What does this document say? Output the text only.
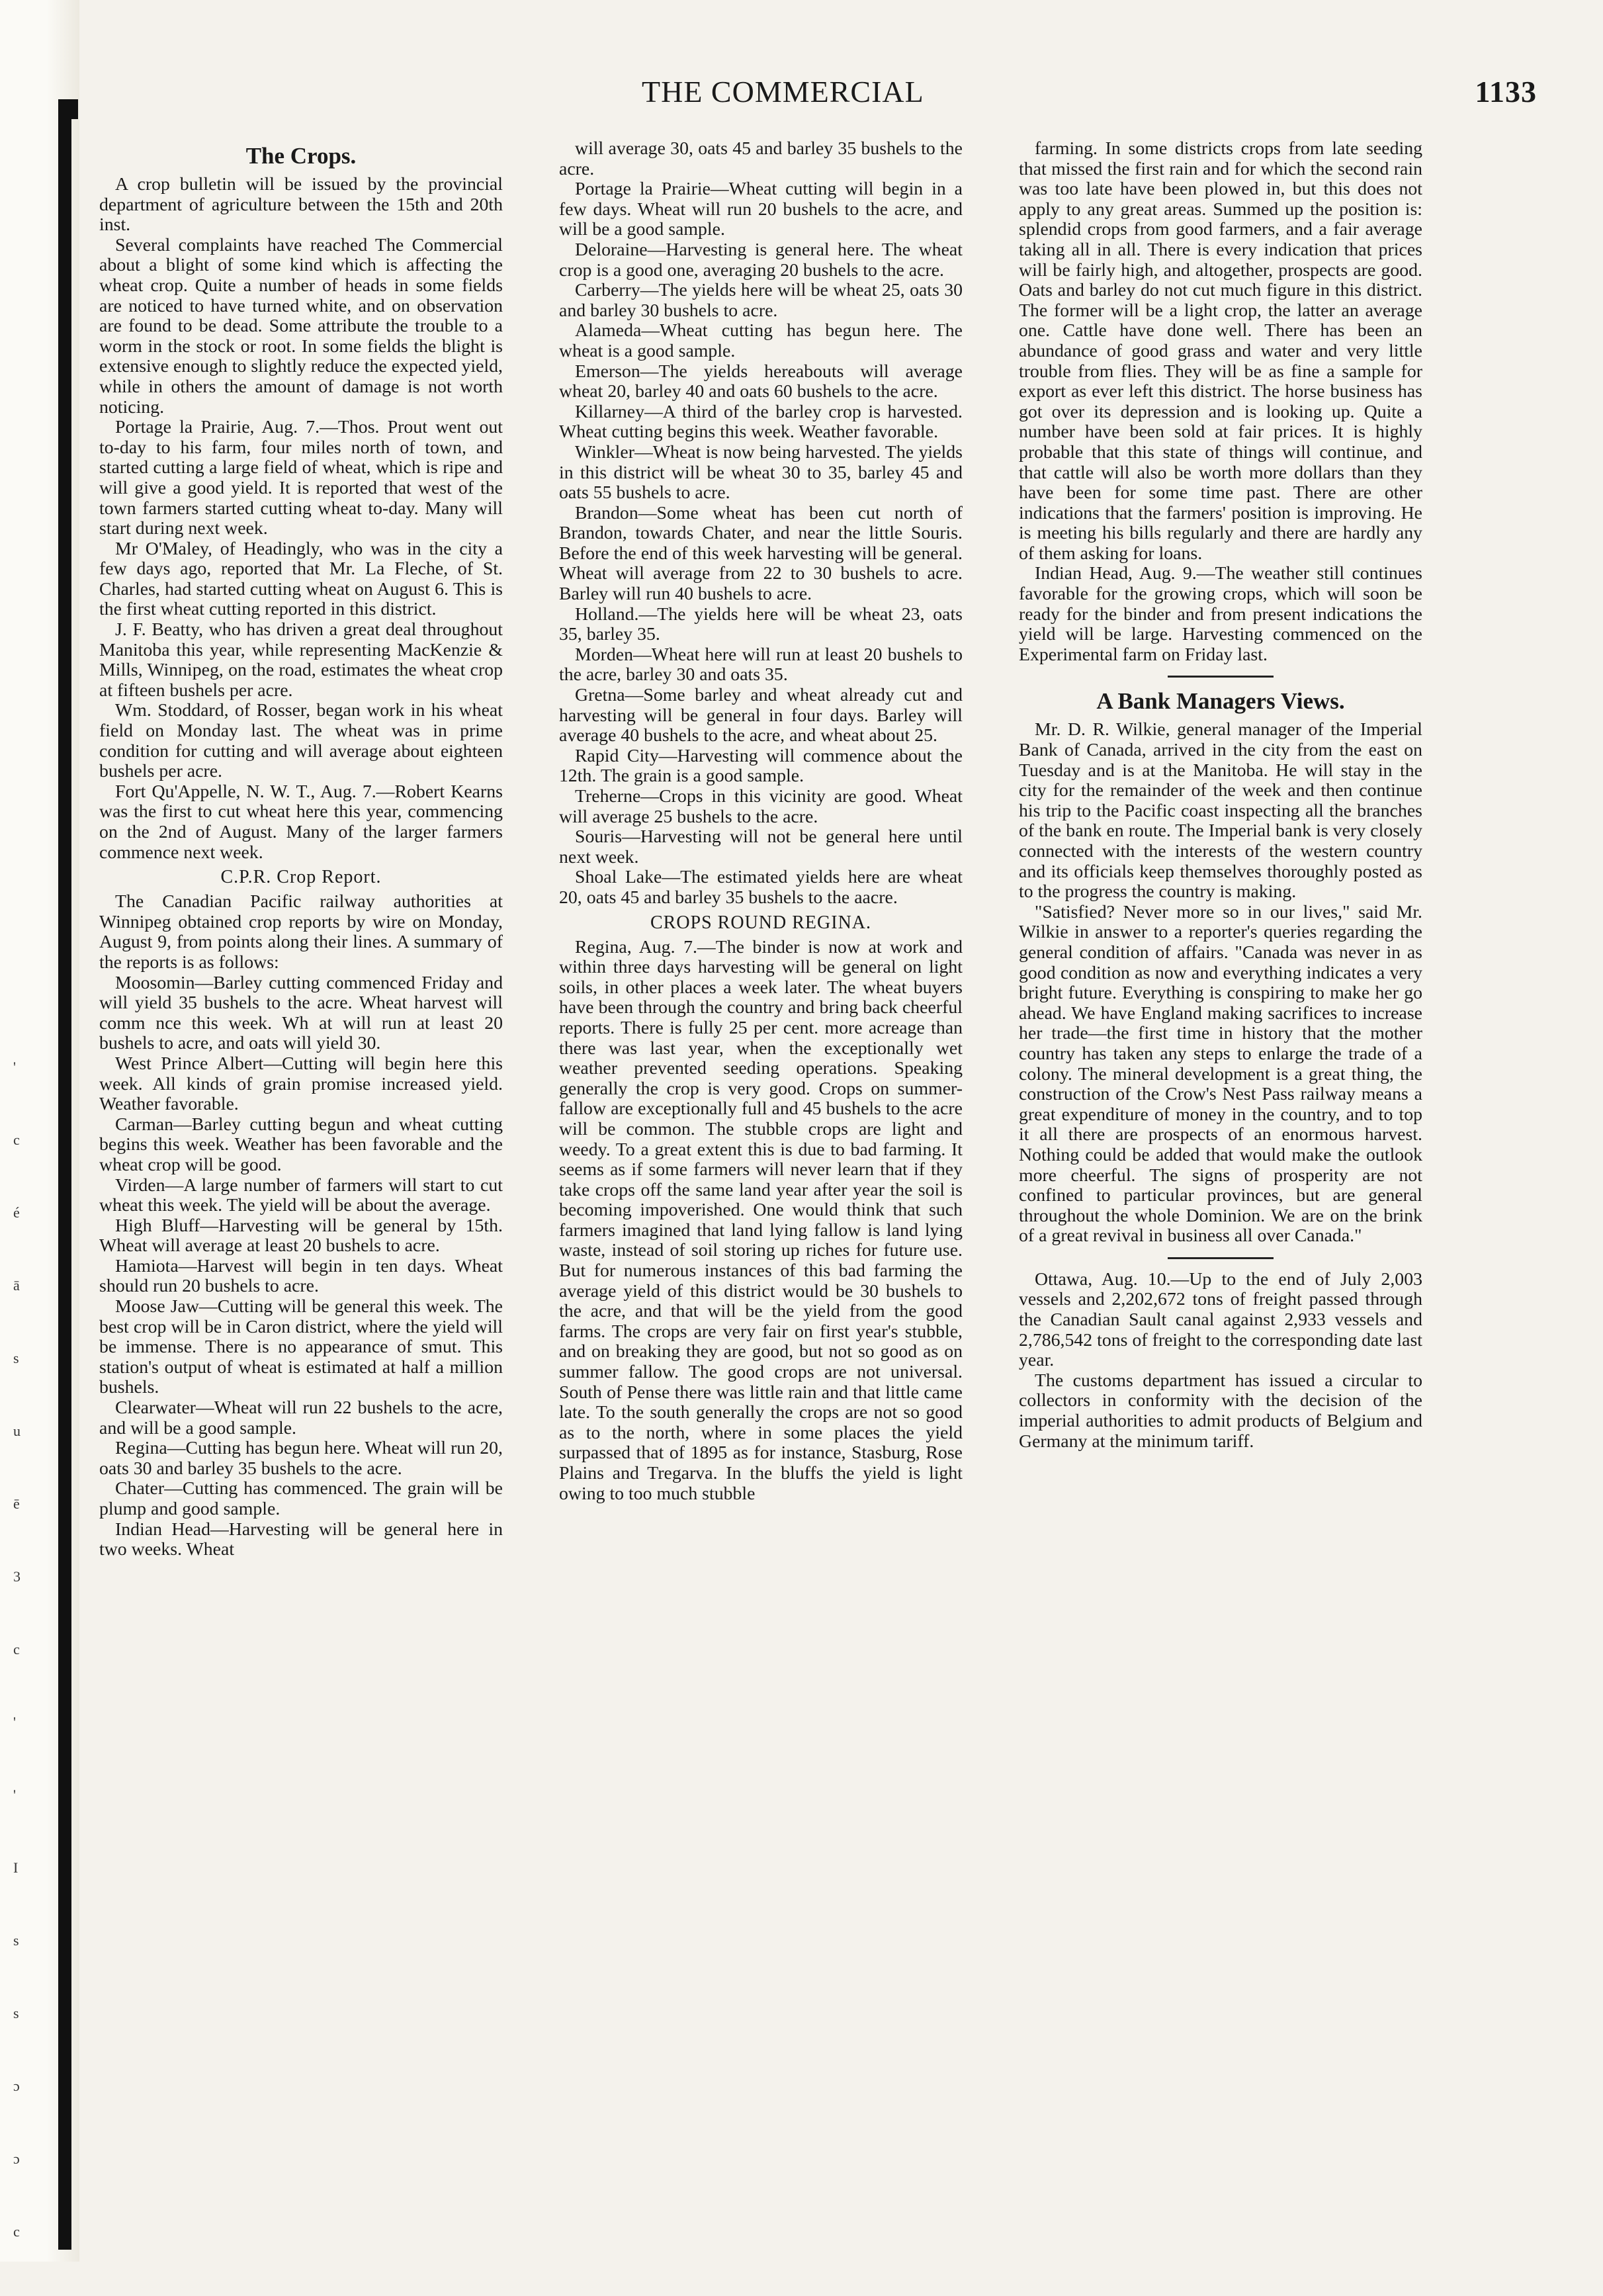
'
c
é
ā
s
u
ē
3
c
'
'
I
s
s
ɔ
ɔ
c
THE COMMERCIAL	1133
The Crops.

A crop bulletin will be issued by the provincial department of agriculture between the 15th and 20th inst.

Several complaints have reached The Commercial about a blight of some kind which is affecting the wheat crop. Quite a number of heads in some fields are noticed to have turned white, and on observation are found to be dead. Some attribute the trouble to a worm in the stock or root. In some fields the blight is extensive enough to slightly reduce the expected yield, while in others the amount of damage is not worth noticing.

Portage la Prairie, Aug. 7.—Thos. Prout went out to-day to his farm, four miles north of town, and started cutting a large field of wheat, which is ripe and will give a good yield. It is reported that west of the town farmers started cutting wheat to-day. Many will start during next week.

Mr O'Maley, of Headingly, who was in the city a few days ago, reported that Mr. La Fleche, of St. Charles, had started cutting wheat on August 6. This is the first wheat cutting reported in this district.

J. F. Beatty, who has driven a great deal throughout Manitoba this year, while representing MacKenzie & Mills, Winnipeg, on the road, estimates the wheat crop at fifteen bushels per acre.

Wm. Stoddard, of Rosser, began work in his wheat field on Monday last. The wheat was in prime condition for cutting and will average about eighteen bushels per acre.

Fort Qu'Appelle, N. W. T., Aug. 7.—Robert Kearns was the first to cut wheat here this year, commencing on the 2nd of August. Many of the larger farmers commence next week.

C.P.R. Crop Report.

The Canadian Pacific railway authorities at Winnipeg obtained crop reports by wire on Monday, August 9, from points along their lines. A summary of the reports is as follows:

Moosomin—Barley cutting commenced Friday and will yield 35 bushels to the acre. Wheat harvest will comm nce this week. Wh at will run at least 20 bushels to acre, and oats will yield 30.

West Prince Albert—Cutting will begin here this week. All kinds of grain promise increased yield. Weather favorable.

Carman—Barley cutting begun and wheat cutting begins this week. Weather has been favorable and the wheat crop will be good.

Virden—A large number of farmers will start to cut wheat this week. The yield will be about the average.

High Bluff—Harvesting will be general by 15th. Wheat will average at least 20 bushels to acre.

Hamiota—Harvest will begin in ten days. Wheat should run 20 bushels to acre.

Moose Jaw—Cutting will be general this week. The best crop will be in Caron district, where the yield will be immense. There is no appearance of smut. This station's output of wheat is estimated at half a million bushels.

Clearwater—Wheat will run 22 bushels to the acre, and will be a good sample.

Regina—Cutting has begun here. Wheat will run 20, oats 30 and barley 35 bushels to the acre.

Chater—Cutting has commenced. The grain will be plump and good sample.

Indian Head—Harvesting will be general here in two weeks. Wheat

will average 30, oats 45 and barley 35 bushels to the acre.

Portage la Prairie—Wheat cutting will begin in a few days. Wheat will run 20 bushels to the acre, and will be a good sample.

Deloraine—Harvesting is general here. The wheat crop is a good one, averaging 20 bushels to the acre.

Carberry—The yields here will be wheat 25, oats 30 and barley 30 bushels to acre.

Alameda—Wheat cutting has begun here. The wheat is a good sample.

Emerson—The yields hereabouts will average wheat 20, barley 40 and oats 60 bushels to the acre.

Killarney—A third of the barley crop is harvested. Wheat cutting begins this week. Weather favorable.

Winkler—Wheat is now being harvested. The yields in this district will be wheat 30 to 35, barley 45 and oats 55 bushels to acre.

Brandon—Some wheat has been cut north of Brandon, towards Chater, and near the little Souris. Before the end of this week harvesting will be general. Wheat will average from 22 to 30 bushels to acre. Barley will run 40 bushels to acre.

Holland.—The yields here will be wheat 23, oats 35, barley 35.

Morden—Wheat here will run at least 20 bushels to the acre, barley 30 and oats 35.

Gretna—Some barley and wheat already cut and harvesting will be general in four days. Barley will average 40 bushels to the acre, and wheat about 25.

Rapid City—Harvesting will commence about the 12th. The grain is a good sample.

Treherne—Crops in this vicinity are good. Wheat will average 25 bushels to the acre.

Souris—Harvesting will not be general here until next week.

Shoal Lake—The estimated yields here are wheat 20, oats 45 and barley 35 bushels to the aacre.

CROPS ROUND REGINA.

Regina, Aug. 7.—The binder is now at work and within three days harvesting will be general on light soils, in other places a week later. The wheat buyers have been through the country and bring back cheerful reports. There is fully 25 per cent. more acreage than there was last year, when the exceptionally wet weather prevented seeding operations. Speaking generally the crop is very good. Crops on summer-fallow are exceptionally full and 45 bushels to the acre will be common. The stubble crops are light and weedy. To a great extent this is due to bad farming. It seems as if some farmers will never learn that if they take crops off the same land year after year the soil is becoming impoverished. One would think that such farmers imagined that land lying fallow is land lying waste, instead of soil storing up riches for future use. But for numerous instances of this bad farming the average yield of this district would be 30 bushels to the acre, and that will be the yield from the good farms. The crops are very fair on first year's stubble, and on breaking they are good, but not so good as on summer fallow. The good crops are not universal. South of Pense there was little rain and that little came late. To the south generally the crops are not so good as to the north, where in some places the yield surpassed that of 1895 as for instance, Stasburg, Rose Plains and Tregarva. In the bluffs the yield is light owing to too much stubble

farming. In some districts crops from late seeding that missed the first rain and for which the second rain was too late have been plowed in, but this does not apply to any great areas. Summed up the position is: splendid crops from good farmers, and a fair average taking all in all. There is every indication that prices will be fairly high, and altogether, prospects are good. Oats and barley do not cut much figure in this district. The former will be a light crop, the latter an average one. Cattle have done well. There has been an abundance of good grass and water and very little trouble from flies. They will be as fine a sample for export as ever left this district. The horse business has got over its depression and is looking up. Quite a number have been sold at fair prices. It is highly probable that this state of things will continue, and that cattle will also be worth more dollars than they have been for some time past. There are other indications that the farmers' position is improving. He is meeting his bills regularly and there are hardly any of them asking for loans.

Indian Head, Aug. 9.—The weather still continues favorable for the growing crops, which will soon be ready for the binder and from present indications the yield will be large. Harvesting commenced on the Experimental farm on Friday last.

A Bank Managers Views.

Mr. D. R. Wilkie, general manager of the Imperial Bank of Canada, arrived in the city from the east on Tuesday and is at the Manitoba. He will stay in the city for the remainder of the week and then continue his trip to the Pacific coast inspecting all the branches of the bank en route. The Imperial bank is very closely connected with the interests of the western country and its officials keep themselves thoroughly posted as to the progress the country is making.

"Satisfied? Never more so in our lives," said Mr. Wilkie in answer to a reporter's queries regarding the general condition of affairs. "Canada was never in as good condition as now and everything indicates a very bright future. Everything is conspiring to make her go ahead. We have England making sacrifices to increase her trade—the first time in history that the mother country has taken any steps to enlarge the trade of a colony. The mineral development is a great thing, the construction of the Crow's Nest Pass railway means a great expenditure of money in the country, and to top it all there are prospects of an enormous harvest. Nothing could be added that would make the outlook more cheerful. The signs of prosperity are not confined to particular provinces, but are general throughout the whole Dominion. We are on the brink of a great revival in business all over Canada."

Ottawa, Aug. 10.—Up to the end of July 2,003 vessels and 2,202,672 tons of freight passed through the Canadian Sault canal against 2,933 vessels and 2,786,542 tons of freight to the corresponding date last year.

The customs department has issued a circular to collectors in conformity with the decision of the imperial authorities to admit products of Belgium and Germany at the minimum tariff.
